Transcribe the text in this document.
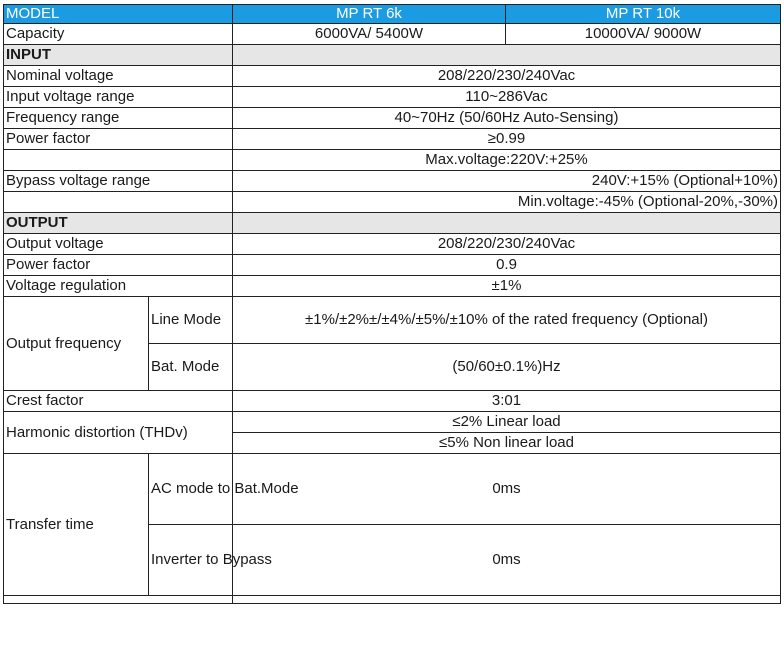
MODEL		MP RT 6k	MP RT 10k
Capacity		6000VA/ 5400W	10000VA/ 9000W
INPUT			
Nominal voltage		208/220/230/240Vac	
Input voltage range		110~286Vac	
Frequency range		40~70Hz (50/60Hz Auto-Sensing)	
Power factor		≥0.99	
		Max.voltage:220V:+25%	
Bypass voltage range		240V:+15% (Optional+10%)	
		Min.voltage:-45% (Optional-20%,-30%)	
OUTPUT			
Output voltage		208/220/230/240Vac	
Power factor		0.9	
Voltage regulation		±1%	
Output frequency	Line Mode	±1%/±2%±/±4%/±5%/±10% of the rated frequency (Optional)	
	Bat. Mode	(50/60±0.1%)Hz	
Crest factor		3:01	
Harmonic distortion (THDv)		≤2% Linear load	
		≤5% Non linear load	
Transfer time	AC mode to Bat.Mode	0ms	
	Inverter to Bypass	0ms	
